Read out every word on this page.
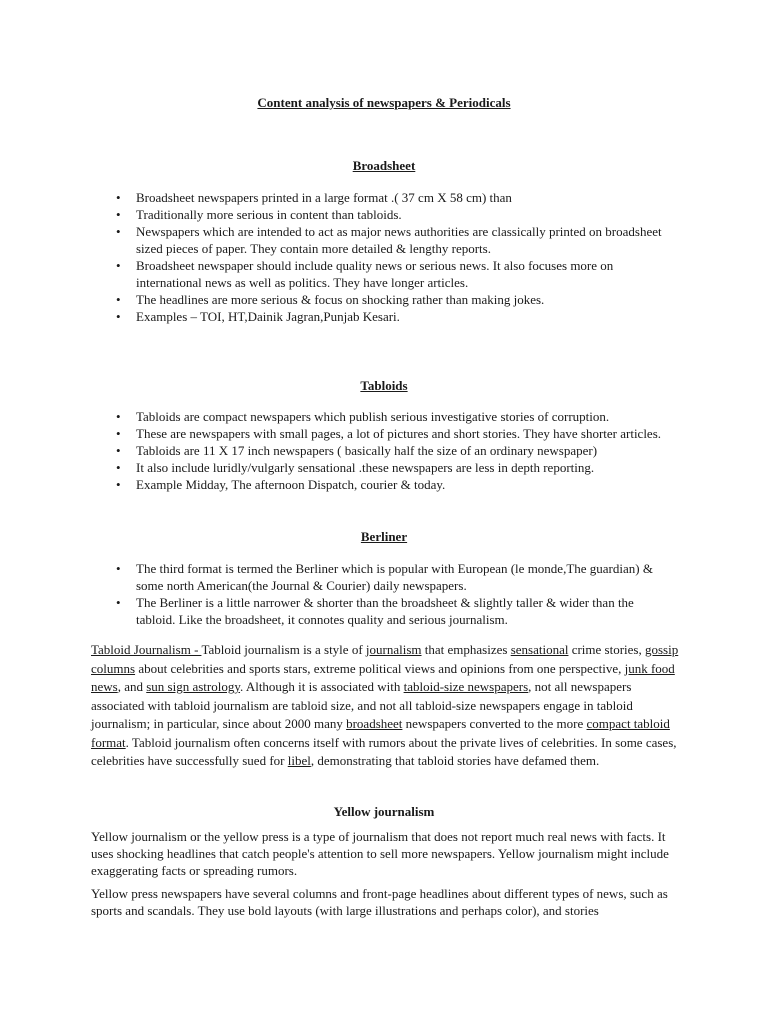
Content analysis of newspapers & Periodicals
Broadsheet
• Broadsheet newspapers printed in a large format .( 37 cm X 58 cm) than
• Traditionally more serious in content than tabloids.
• Newspapers which are intended to act as major news authorities are classically printed on broadsheet sized pieces of paper. They contain more detailed & lengthy reports.
• Broadsheet newspaper should include quality news or serious news. It also focuses more on international news as well as politics. They have longer articles.
• The headlines are more serious & focus on shocking rather than making jokes.
• Examples – TOI, HT,Dainik Jagran,Punjab Kesari.
Tabloids
• Tabloids are compact newspapers which publish serious investigative stories of corruption.
• These are newspapers with small pages, a lot of pictures and short stories. They have shorter articles.
• Tabloids are 11 X 17 inch newspapers ( basically half the size of an ordinary newspaper)
• It also include luridly/vulgarly sensational .these newspapers are less in depth reporting.
• Example Midday, The afternoon Dispatch, courier & today.
Berliner
• The third format is termed the Berliner which is popular with European (le monde,The guardian) & some north American(the Journal & Courier) daily newspapers.
• The Berliner is a little narrower & shorter than the broadsheet & slightly taller & wider than the tabloid. Like the broadsheet, it connotes quality and serious journalism.

Tabloid Journalism - Tabloid journalism is a style of journalism that emphasizes sensational crime stories, gossip columns about celebrities and sports stars, extreme political views and opinions from one perspective, junk food news, and sun sign astrology. Although it is associated with tabloid-size newspapers, not all newspapers associated with tabloid journalism are tabloid size, and not all tabloid-size newspapers engage in tabloid journalism; in particular, since about 2000 many broadsheet newspapers converted to the more compact tabloid format. Tabloid journalism often concerns itself with rumors about the private lives of celebrities. In some cases, celebrities have successfully sued for libel, demonstrating that tabloid stories have defamed them.

Yellow journalism

Yellow journalism or the yellow press is a type of journalism that does not report much real news with facts. It uses shocking headlines that catch people's attention to sell more newspapers. Yellow journalism might include exaggerating facts or spreading rumors.

Yellow press newspapers have several columns and front-page headlines about different types of news, such as sports and scandals. They use bold layouts (with large illustrations and perhaps color), and stories
